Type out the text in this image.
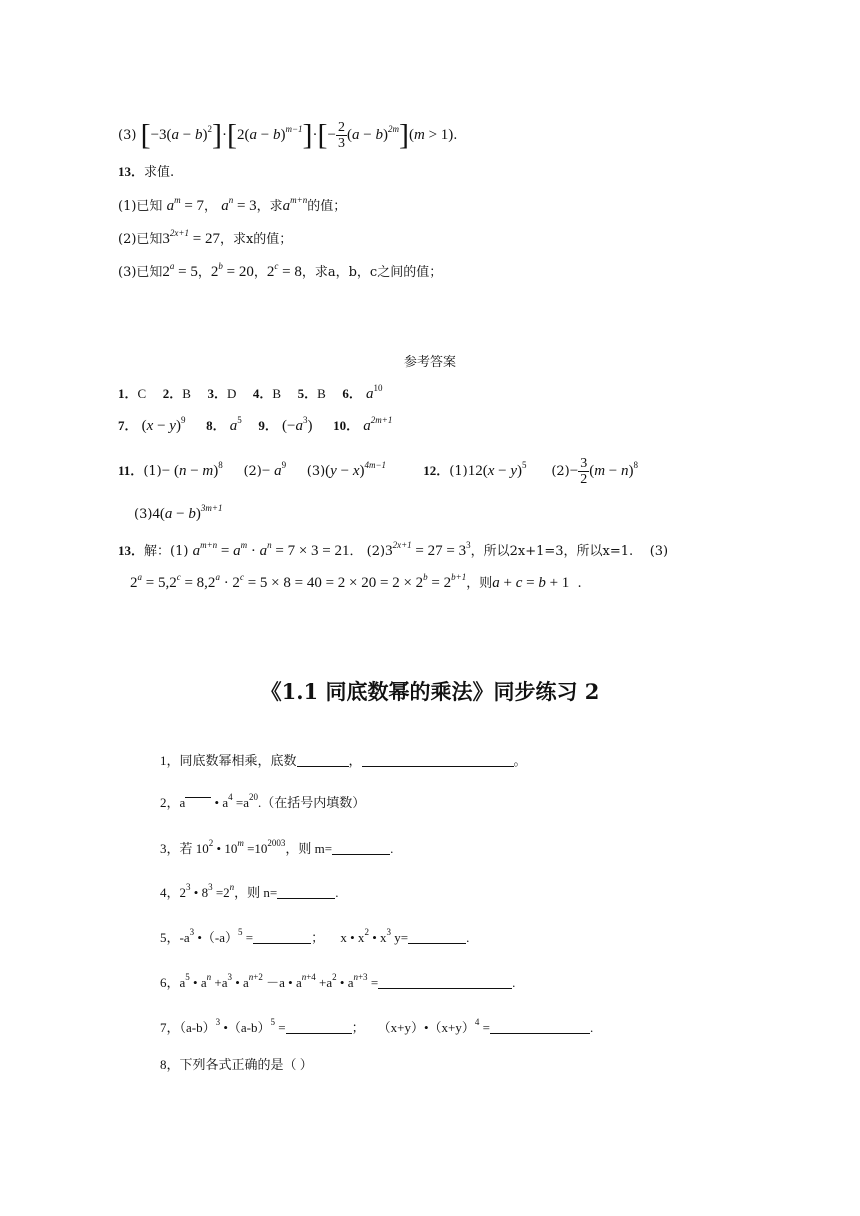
(3) $[-3(a - b)^2]\cdot[2(a - b)^{m-1}]\cdot[- \frac{2}{3} (a - b)^{2m}](m > 1)$.
13．求值.
(1)已知 $a^m = 7$， $a^n = 3$，求$a^{m+n}$的值；
(2)已知$3^{2x+1} = 27$，求x的值；
(3)已知$2^a = 5$，$2^b = 20$，$2^c = 8$，求a，b，c之间的值；
参考答案
1．C 2．B 3．D 4．B 5．B 6． $a^{10}$
7． $(x - y)^9$ 8． $a^5$ 9． $(-a^3)$ 10． $a^{2m+1}$
11．$(1)- (n - m)^8$ $(2)- a^9$ $(3)(y - x)^{4m-1}$	12．$(1)12(x - y)^5$ $(2)- \frac{3}{2} (m - n)^8$
$(3)4(a - b)^{3m+1}$
13．解：(1) $a^{m+n} = a^m \cdot a^n = 7 \times 3 = 21$． $(2)3^{2x+1} = 27 = 3^3$，所以2x+1=3，所以x=1. (3)
$2^a = 5,2^c = 8,2^a \cdot 2^c = 5 \times 8 = 40 = 2 \times 20 = 2 \times 2^b = 2^{b+1}$，则a + c = b + 1  .
《1.1 同底数幂的乘法》同步练习 2
1，同底数幂相乘，底数	，	。
2，a • $a^4 =a^{20}$.（在括号内填数）
3，若 $10^2$ • $10^m =10^{2003}$，则 m=	.
4，$2^3$ • $8^3 =2^n$，则 n=	.
5，$-a^3$ $•(-a)^5$ =	；     x • $x^2$ • $x^3$ y=	.
6，$a^5$ • $a^n +a^3$ • $a^{n+2} -a$ • $a^{n+4} +a^2$ • $a^{n+3}$ =	.
7，$(a-b)^3$ $•(a-b)^5$ =	；    $(x+y)•(x+y)^4$ =	.
8，下列各式正确的是（ ）
